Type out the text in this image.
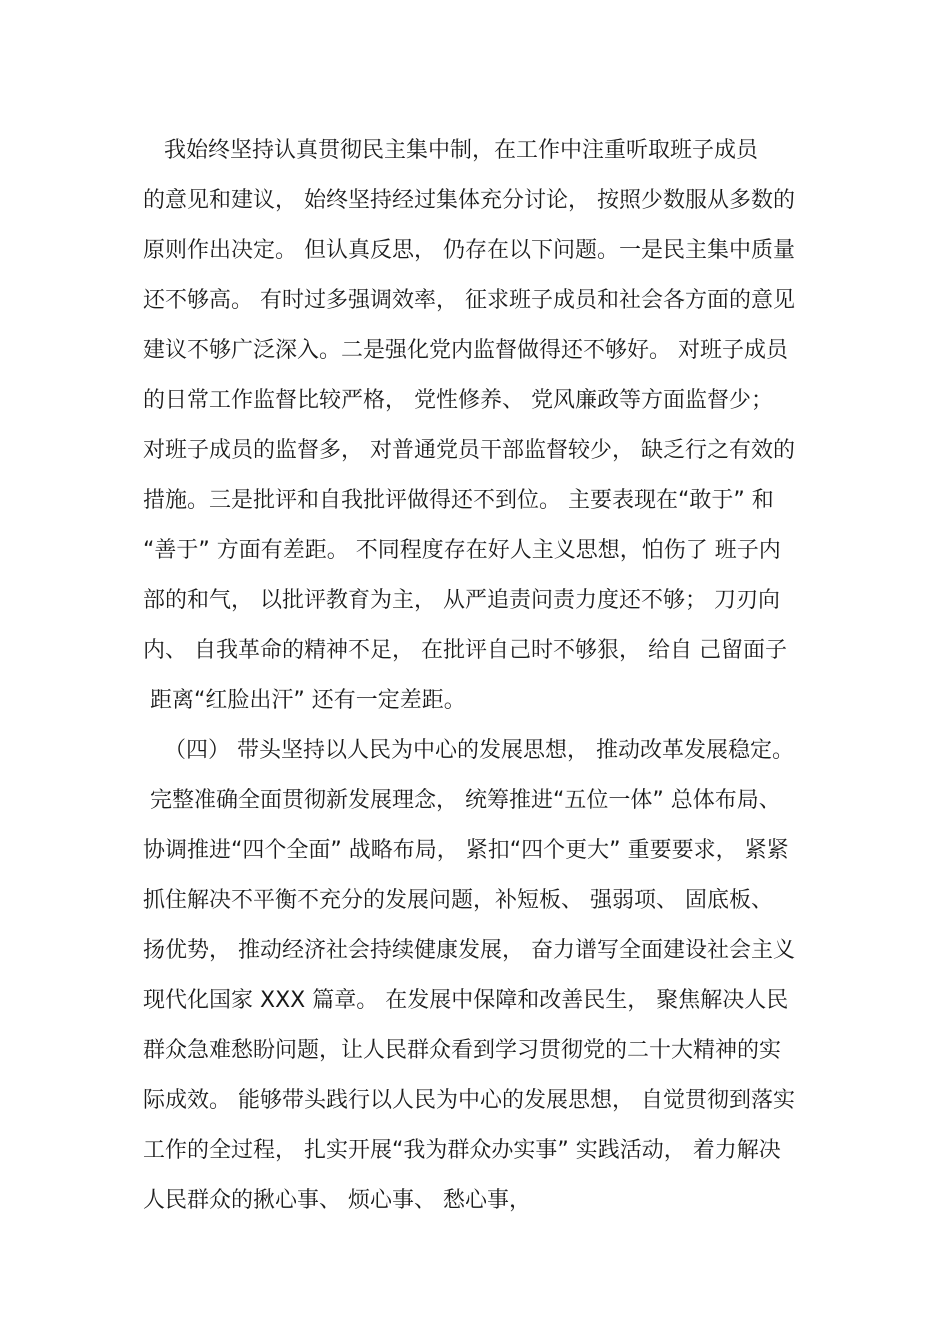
我始终坚持认真贯彻民主集中制，在工作中注重听取班子成员
的意见和建议， 始终坚持经过集体充分讨论， 按照少数服从多数的
原则作出决定。 但认真反思， 仍存在以下问题。一是民主集中质量
还不够高。 有时过多强调效率， 征求班子成员和社会各方面的意见
建议不够广泛深入。二是强化党内监督做得还不够好。 对班子成员
的日常工作监督比较严格， 党性修养、 党风廉政等方面监督少；
对班子成员的监督多， 对普通党员干部监督较少， 缺乏行之有效的
措施。三是批评和自我批评做得还不到位。 主要表现在“敢于” 和
“善于” 方面有差距。 不同程度存在好人主义思想，怕伤了 班子内
部的和气， 以批评教育为主， 从严追责问责力度还不够； 刀刃向
内、 自我革命的精神不足， 在批评自己时不够狠， 给自 己留面子
距离“红脸出汗” 还有一定差距。
（四） 带头坚持以人民为中心的发展思想， 推动改革发展稳定。
完整准确全面贯彻新发展理念， 统筹推进“五位一体” 总体布局、
协调推进“四个全面” 战略布局， 紧扣“四个更大” 重要要求， 紧紧
抓住解决不平衡不充分的发展问题，补短板、 强弱项、 固底板、
扬优势， 推动经济社会持续健康发展， 奋力谱写全面建设社会主义
现代化国家 XXX 篇章。 在发展中保障和改善民生， 聚焦解决人民
群众急难愁盼问题，让人民群众看到学习贯彻党的二十大精神的实
际成效。 能够带头践行以人民为中心的发展思想， 自觉贯彻到落实
工作的全过程， 扎实开展“我为群众办实事” 实践活动， 着力解决
人民群众的揪心事、 烦心事、 愁心事，
